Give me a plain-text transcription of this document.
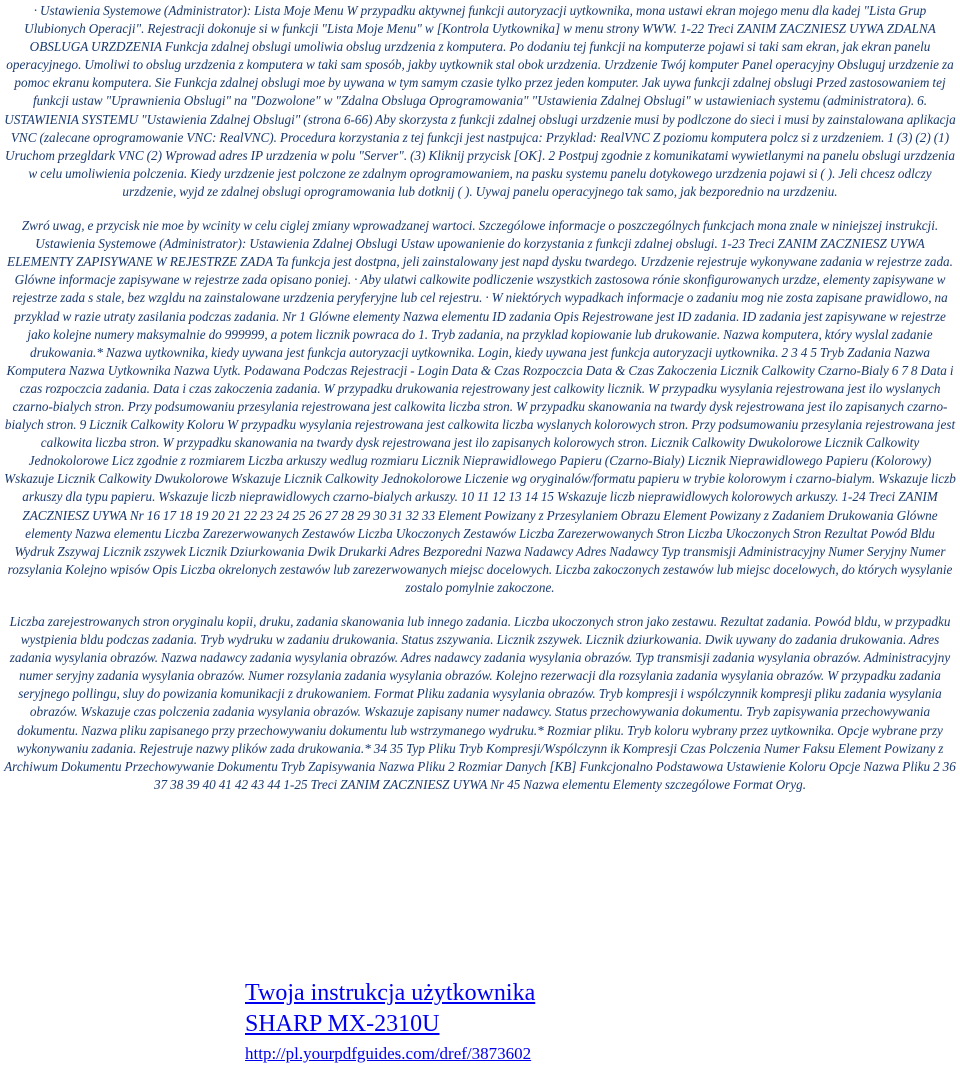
· Ustawienia Systemowe (Administrator): Lista Moje Menu W przypadku aktywnej funkcji autoryzacji uytkownika, mona ustawi ekran mojego menu dla kadej "Lista Grup Ulubionych Operacji". Rejestracji dokonuje si w funkcji "Lista Moje Menu" w [Kontrola Uytkownika] w menu strony WWW. 1-22 Treci ZANIM ZACZNIESZ UYWA ZDALNA OBSLUGA URZDZENIA Funkcja zdalnej obslugi umoliwia obslug urzdzenia z komputera. Po dodaniu tej funkcji na komputerze pojawi si taki sam ekran, jak ekran panelu operacyjnego. Umoliwi to obslug urzdzenia z komputera w taki sam sposób, jakby uytkownik stal obok urzdzenia. Urzdzenie Twój komputer Panel operacyjny Obsluguj urzdzenie za pomoc ekranu komputera. Sie Funkcja zdalnej obslugi moe by uywana w tym samym czasie tylko przez jeden komputer. Jak uywa funkcji zdalnej obslugi Przed zastosowaniem tej funkcji ustaw "Uprawnienia Obslugi" na "Dozwolone" w "Zdalna Obsluga Oprogramowania" "Ustawienia Zdalnej Obslugi" w ustawieniach systemu (administratora). 6. USTAWIENIA SYSTEMU "Ustawienia Zdalnej Obslugi" (strona 6-66) Aby skorzysta z funkcji zdalnej obslugi urzdzenie musi by podlczone do sieci i musi by zainstalowana aplikacja VNC (zalecane oprogramowanie VNC: RealVNC). Procedura korzystania z tej funkcji jest nastpujca: Przyklad: RealVNC Z poziomu komputera polcz si z urzdzeniem. 1 (3) (2) (1) Uruchom przegldark VNC (2) Wprowad adres IP urzdzenia w polu "Server". (3) Kliknij przycisk [OK]. 2 Postpuj zgodnie z komunikatami wywietlanymi na panelu obslugi urzdzenia w celu umoliwienia polczenia. Kiedy urzdzenie jest polczone ze zdalnym oprogramowaniem, na pasku systemu panelu dotykowego urzdzenia pojawi si ( ). Jeli chcesz odlczy urzdzenie, wyjd ze zdalnej obslugi oprogramowania lub dotknij ( ). Uywaj panelu operacyjnego tak samo, jak bezporednio na urzdzeniu.

Zwró uwag, e przycisk nie moe by wcinity w celu ciglej zmiany wprowadzanej wartoci. Szczególowe informacje o poszczególnych funkcjach mona znale w niniejszej instrukcji. Ustawienia Systemowe (Administrator): Ustawienia Zdalnej Obslugi Ustaw upowanienie do korzystania z funkcji zdalnej obslugi. 1-23 Treci ZANIM ZACZNIESZ UYWA ELEMENTY ZAPISYWANE W REJESTRZE ZADA Ta funkcja jest dostpna, jeli zainstalowany jest napd dysku twardego. Urzdzenie rejestruje wykonywane zadania w rejestrze zada. Glówne informacje zapisywane w rejestrze zada opisano poniej. · Aby ulatwi calkowite podliczenie wszystkich zastosowa rónie skonfigurowanych urzdze, elementy zapisywane w rejestrze zada s stale, bez wzgldu na zainstalowane urzdzenia peryferyjne lub cel rejestru. · W niektórych wypadkach informacje o zadaniu mog nie zosta zapisane prawidlowo, na przyklad w razie utraty zasilania podczas zadania. Nr 1 Glówne elementy Nazwa elementu ID zadania Opis Rejestrowane jest ID zadania. ID zadania jest zapisywane w rejestrze jako kolejne numery maksymalnie do 999999, a potem licznik powraca do 1. Tryb zadania, na przyklad kopiowanie lub drukowanie. Nazwa komputera, który wyslal zadanie drukowania.* Nazwa uytkownika, kiedy uywana jest funkcja autoryzacji uytkownika. Login, kiedy uywana jest funkcja autoryzacji uytkownika. 2 3 4 5 Tryb Zadania Nazwa Komputera Nazwa Uytkownika Nazwa Uytk. Podawana Podczas Rejestracji - Login Data & Czas Rozpoczcia Data & Czas Zakoczenia Licznik Calkowity Czarno-Bialy 6 7 8 Data i czas rozpoczcia zadania. Data i czas zakoczenia zadania. W przypadku drukowania rejestrowany jest calkowity licznik. W przypadku wysylania rejestrowana jest ilo wyslanych czarno-bialych stron. Przy podsumowaniu przesylania rejestrowana jest calkowita liczba stron. W przypadku skanowania na twardy dysk rejestrowana jest ilo zapisanych czarno-bialych stron. 9 Licznik Calkowity Koloru W przypadku wysylania rejestrowana jest calkowita liczba wyslanych kolorowych stron. Przy podsumowaniu przesylania rejestrowana jest calkowita liczba stron. W przypadku skanowania na twardy dysk rejestrowana jest ilo zapisanych kolorowych stron. Licznik Calkowity Dwukolorowe Licznik Calkowity Jednokolorowe Licz zgodnie z rozmiarem Liczba arkuszy wedlug rozmiaru Licznik Nieprawidlowego Papieru (Czarno-Bialy) Licznik Nieprawidlowego Papieru (Kolorowy) Wskazuje Licznik Calkowity Dwukolorowe Wskazuje Licznik Calkowity Jednokolorowe Liczenie wg oryginalów/formatu papieru w trybie kolorowym i czarno-bialym. Wskazuje liczb arkuszy dla typu papieru. Wskazuje liczb nieprawidlowych czarno-bialych arkuszy. 10 11 12 13 14 15 Wskazuje liczb nieprawidlowych kolorowych arkuszy. 1-24 Treci ZANIM ZACZNIESZ UYWA Nr 16 17 18 19 20 21 22 23 24 25 26 27 28 29 30 31 32 33 Element Powizany z Przesylaniem Obrazu Element Powizany z Zadaniem Drukowania Glówne elementy Nazwa elementu Liczba Zarezerwowanych Zestawów Liczba Ukoczonych Zestawów Liczba Zarezerwowanych Stron Liczba Ukoczonych Stron Rezultat Powód Bldu Wydruk Zszywaj Licznik zszywek Licznik Dziurkowania Dwik Drukarki Adres Bezporedni Nazwa Nadawcy Adres Nadawcy Typ transmisji Administracyjny Numer Seryjny Numer rozsylania Kolejno wpisów Opis Liczba okrelonych zestawów lub zarezerwowanych miejsc docelowych. Liczba zakoczonych zestawów lub miejsc docelowych, do których wysylanie zostalo pomylnie zakoczone.

Liczba zarejestrowanych stron oryginalu kopii, druku, zadania skanowania lub innego zadania. Liczba ukoczonych stron jako zestawu. Rezultat zadania. Powód bldu, w przypadku wystpienia bldu podczas zadania. Tryb wydruku w zadaniu drukowania. Status zszywania. Licznik zszywek. Licznik dziurkowania. Dwik uywany do zadania drukowania. Adres zadania wysylania obrazów. Nazwa nadawcy zadania wysylania obrazów. Adres nadawcy zadania wysylania obrazów. Typ transmisji zadania wysylania obrazów. Administracyjny numer seryjny zadania wysylania obrazów. Numer rozsylania zadania wysylania obrazów. Kolejno rezerwacji dla rozsylania zadania wysylania obrazów. W przypadku zadania seryjnego pollingu, sluy do powizania komunikacji z drukowaniem. Format Pliku zadania wysylania obrazów. Tryb kompresji i wspólczynnik kompresji pliku zadania wysylania obrazów. Wskazuje czas polczenia zadania wysylania obrazów. Wskazuje zapisany numer nadawcy. Status przechowywania dokumentu. Tryb zapisywania przechowywania dokumentu. Nazwa pliku zapisanego przy przechowywaniu dokumentu lub wstrzymanego wydruku.* Rozmiar pliku. Tryb koloru wybrany przez uytkownika. Opcje wybrane przy wykonywaniu zadania. Rejestruje nazwy plików zada drukowania.* 34 35 Typ Pliku Tryb Kompresji/Wspólczynn ik Kompresji Czas Polczenia Numer Faksu Element Powizany z Archiwum Dokumentu Przechowywanie Dokumentu Tryb Zapisywania Nazwa Pliku 2 Rozmiar Danych [KB] Funkcjonalno Podstawowa Ustawienie Koloru Opcje Nazwa Pliku 2 36 37 38 39 40 41 42 43 44 1-25 Treci ZANIM ZACZNIESZ UYWA Nr 45 Nazwa elementu Elementy szczególowe Format Oryg.

Twoja instrukcja użytkownika
SHARP MX-2310U
http://pl.yourpdfguides.com/dref/3873602
